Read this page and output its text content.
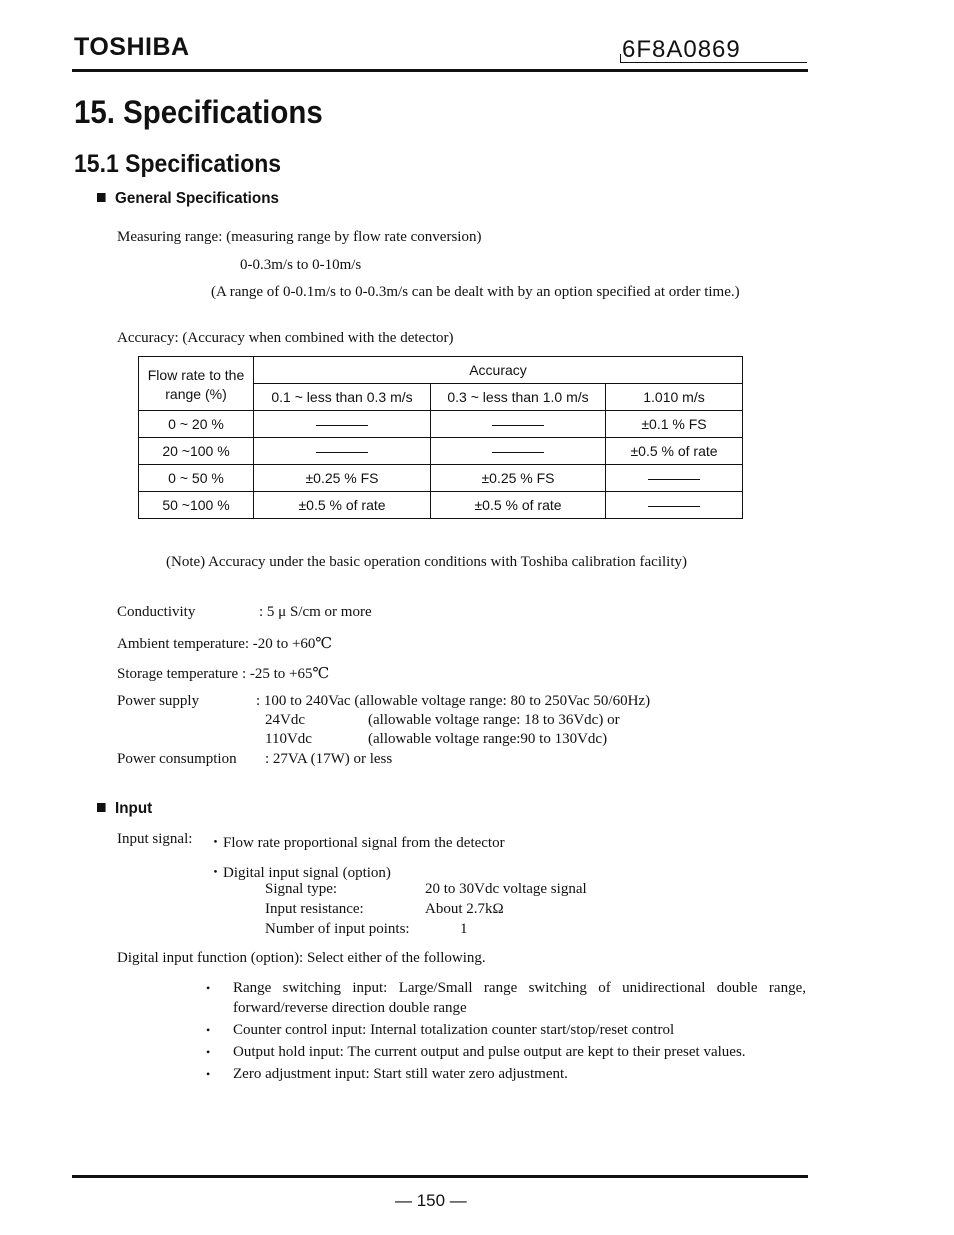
TOSHIBA	6F8A0869
15. Specifications
15.1 Specifications
General Specifications
Measuring range: (measuring range by flow rate conversion)
0-0.3m/s to 0-10m/s
(A range of 0-0.1m/s to 0-0.3m/s can be dealt with by an option specified at order time.)
Accuracy: (Accuracy when combined with the detector)
Flow rate to the
range (%)	Accuracy		
	0.1 ~ less than 0.3 m/s	0.3 ~ less than 1.0 m/s	1.010 m/s
0 ~ 20 %			±0.1 % FS
20 ~100 %			±0.5 % of rate
0 ~ 50 %	±0.25 % FS	±0.25 % FS	
50 ~100 %	±0.5 % of rate	±0.5 % of rate	
(Note) Accuracy under the basic operation conditions with Toshiba calibration facility)
Conductivity	: 5 μ S/cm or more
Ambient temperature: -20 to +60℃
Storage temperature : -25 to +65℃
Power supply	: 100 to 240Vac (allowable voltage range: 80 to 250Vac 50/60Hz)
24Vdc	(allowable voltage range: 18 to 36Vdc) or
110Vdc	(allowable voltage range:90 to 130Vdc)
Power consumption : 27VA (17W) or less
Input
Input signal: ・Flow rate proportional signal from the detector
・Digital input signal (option)
Signal type:	20 to 30Vdc voltage signal
Input resistance:	About 2.7kΩ
Number of input points:	1
Digital input function (option): Select either of the following.
• Range switching input: Large/Small range switching of unidirectional double range, forward/reverse direction double range
• Counter control input: Internal totalization counter start/stop/reset control
• Output hold input: The current output and pulse output are kept to their preset values.
• Zero adjustment input: Start still water zero adjustment.
— 150 —
